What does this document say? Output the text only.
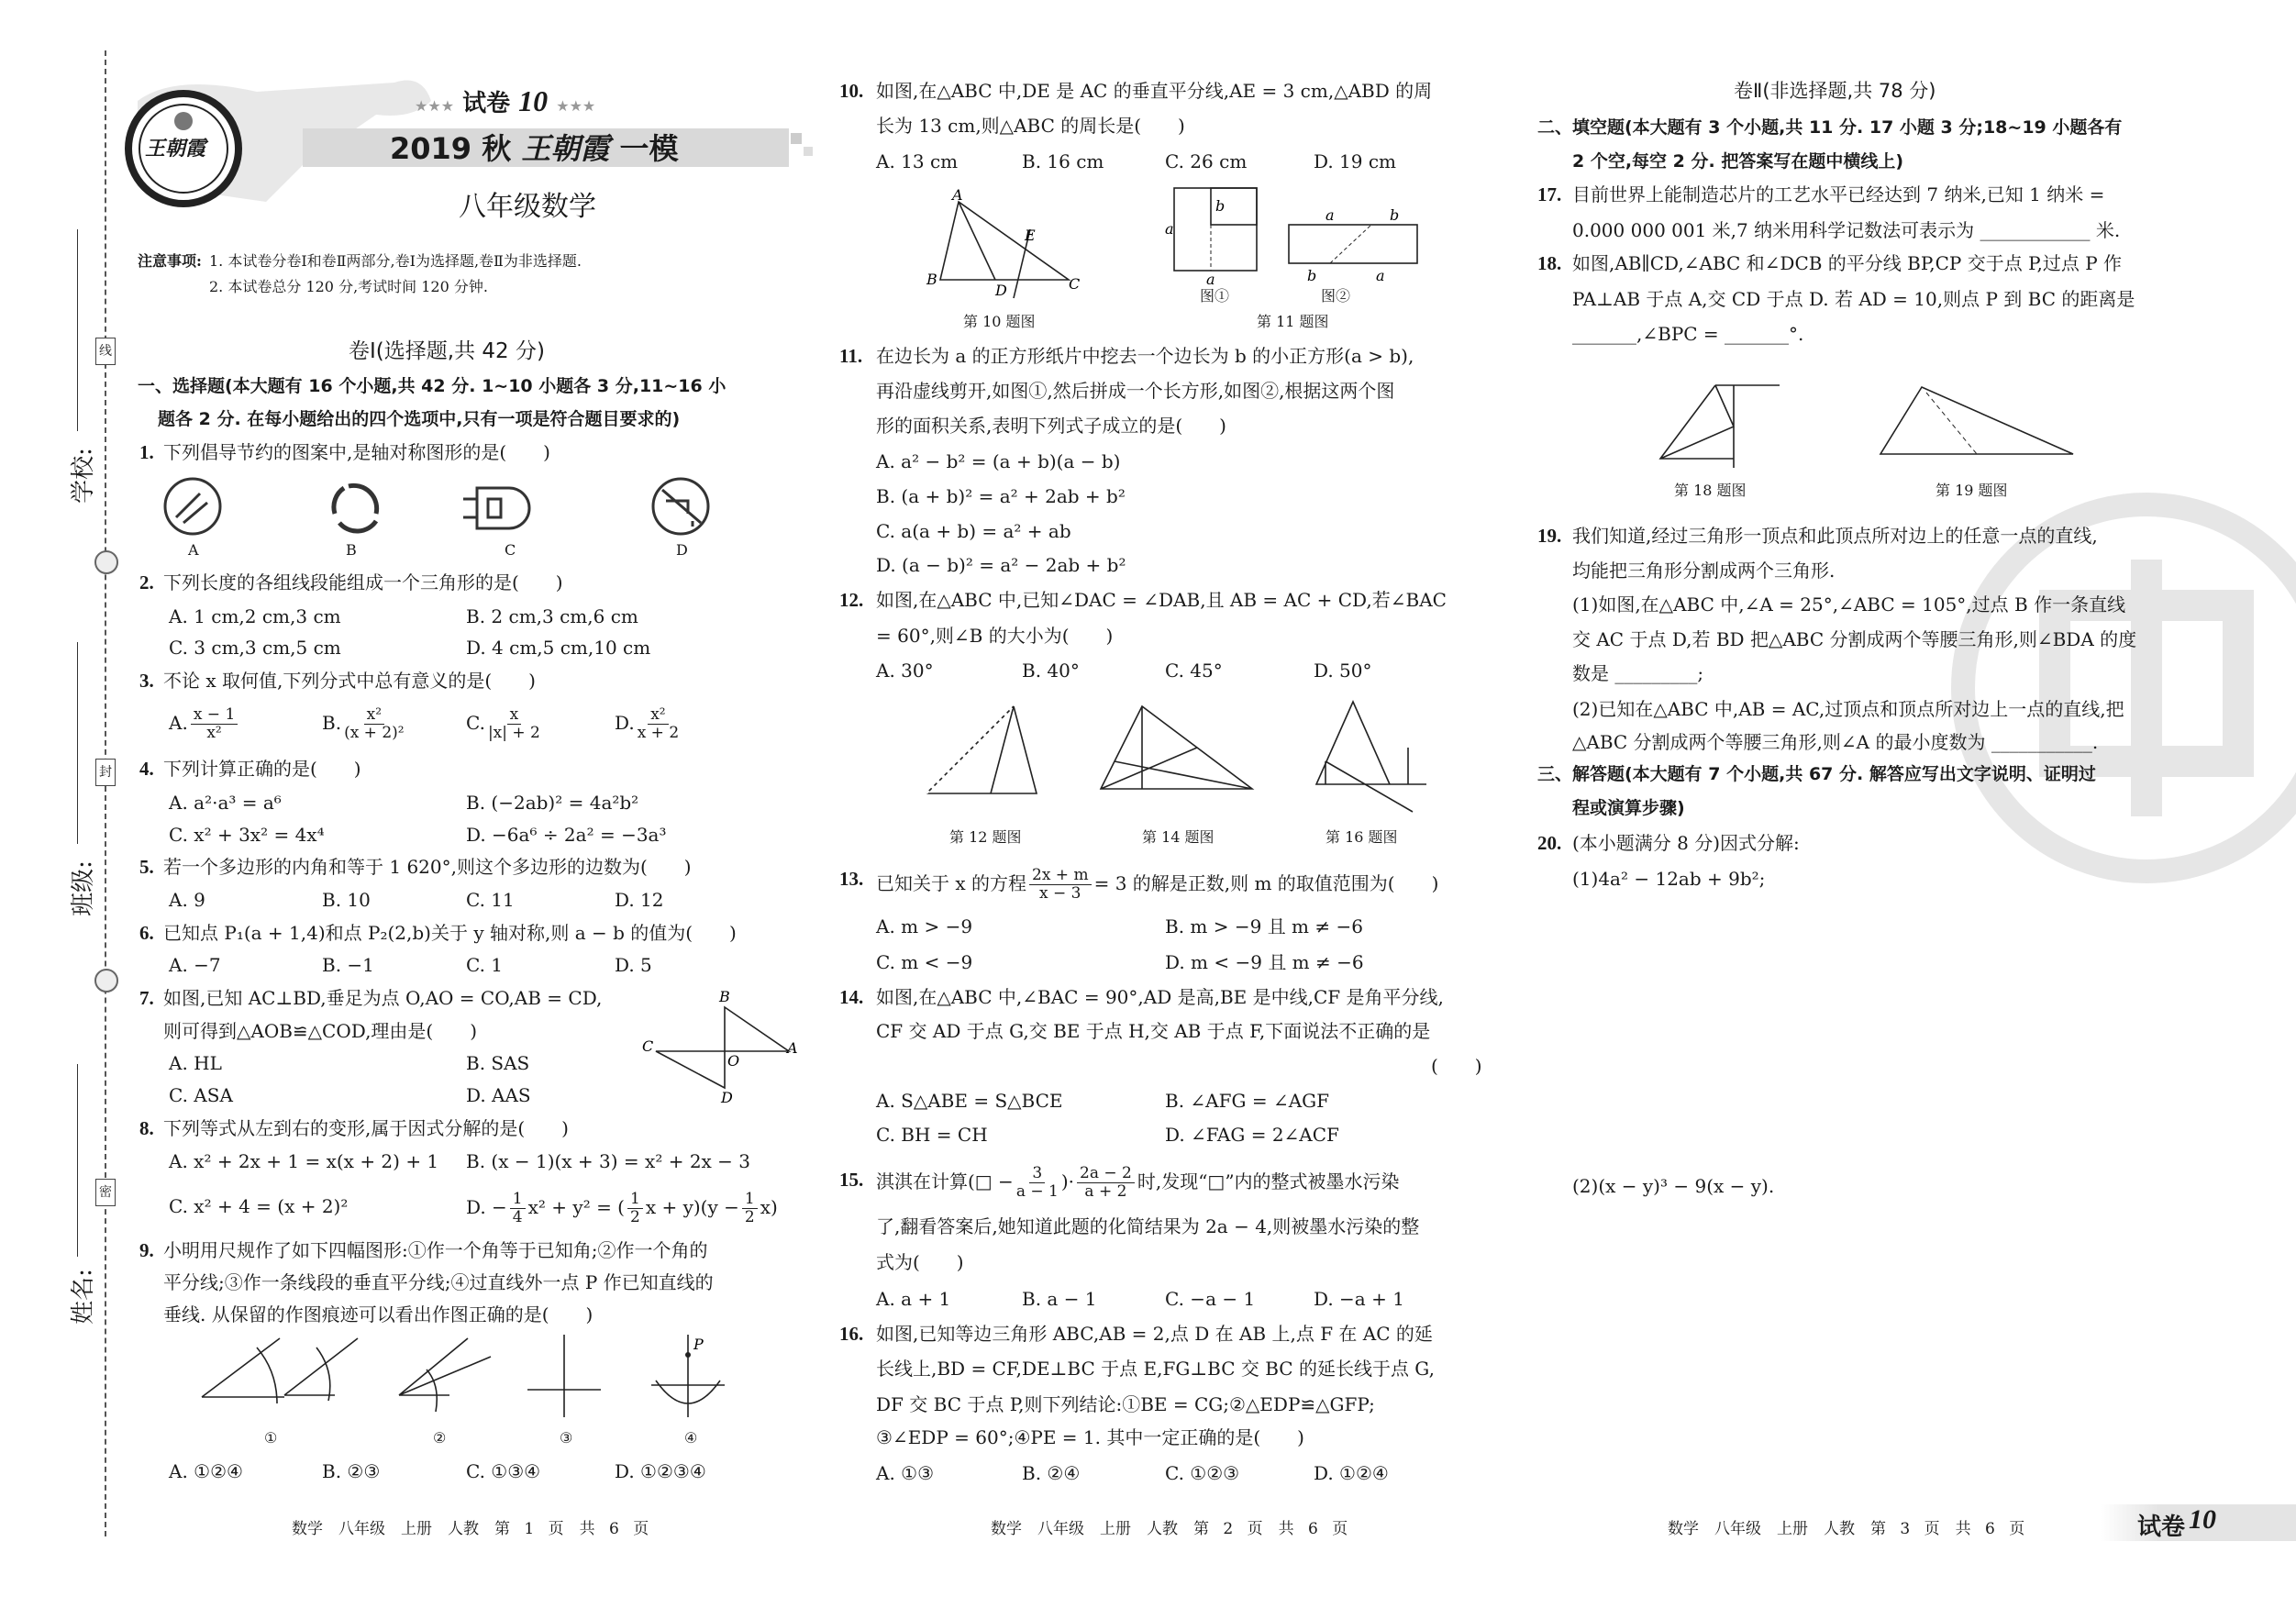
线
封
密
学校:
班级:
姓名:
王朝霞
★★★ 试卷 10 ★★★
2019 秋 王朝霞 一模
八年级数学
注意事项: 1. 本试卷分卷Ⅰ和卷Ⅱ两部分,卷Ⅰ为选择题,卷Ⅱ为非选择题.
2. 本试卷总分 120 分,考试时间 120 分钟.
卷Ⅰ(选择题,共 42 分)
一、选择题(本大题有 16 个小题,共 42 分. 1~10 小题各 3 分,11~16 小
题各 2 分. 在每小题给出的四个选项中,只有一项是符合题目要求的)
1. 下列倡导节约的图案中,是轴对称图形的是(　　)
A	B	C	D
2. 下列长度的各组线段能组成一个三角形的是(　　)
A. 1 cm,2 cm,3 cm	B. 2 cm,3 cm,6 cm
C. 3 cm,3 cm,5 cm	D. 4 cm,5 cm,10 cm
3. 不论 x 取何值,下列分式中总有意义的是(　　)
A. $\frac{x - 1}{\text{x²}}$	B. $\frac{\text{x²}}{\text{(x + 2)²}}$	C. $\frac{x}{|x| + 2}$	D. $\frac{\text{x²}}{x + 2}$
4. 下列计算正确的是(　　)
A. a²·a³ = a⁶	B. (−2ab)² = 4a²b²
C. x² + 3x² = 4x⁴	D. −6a⁶ ÷ 2a² = −3a³
5. 若一个多边形的内角和等于 1 620°,则这个多边形的边数为(　　)
A. 9	B. 10	C. 11	D. 12
6. 已知点 P₁(a + 1,4)和点 P₂(2,b)关于 y 轴对称,则 a − b 的值为(　　)
A. −7	B. −1	C. 1	D. 5
7. 如图,已知 AC⊥BD,垂足为点 O,AO = CO,AB = CD,
则可得到△AOB≌△COD,理由是(　　)
A. HL	B. SAS
C. ASA	D. AAS
B
C
O
A
D
8. 下列等式从左到右的变形,属于因式分解的是(　　)
A. x² + 2x + 1 = x(x + 2) + 1 B. (x − 1)(x + 3) = x² + 2x − 3
C. x² + 4 = (x + 2)²	D. − $\frac{1}{4} x^2 + y^2$ = ( $\frac{1}{2}$ $x + y)(y - \frac{1}{2} x)$
9. 小明用尺规作了如下四幅图形:①作一个角等于已知角;②作一个角的
平分线;③作一条线段的垂直平分线;④过直线外一点 P 作已知直线的
垂线. 从保留的作图痕迹可以看出作图正确的是(　　)
P
①	②	③	④
A. ①②④	B. ②③	C. ①③④	D. ①②③④
数学　八年级　上册　人教　第 1 页　共 6 页
10. 如图,在△ABC 中,DE 是 AC 的垂直平分线,AE = 3 cm,△ABD 的周
长为 13 cm,则△ABC 的周长是(　　)
A. 13 cm	B. 16 cm	C. 26 cm	D. 19 cm
A
B	C
D
E
第 10 题图
a
b
a
a	b
b	a
图①	图②
第 11 题图
11. 在边长为 a 的正方形纸片中挖去一个边长为 b 的小正方形(a > b),
再沿虚线剪开,如图①,然后拼成一个长方形,如图②,根据这两个图
形的面积关系,表明下列式子成立的是(　　)
A. a² − b² = (a + b)(a − b)
B. (a + b)² = a² + 2ab + b²
C. a(a + b) = a² + ab
D. (a − b)² = a² − 2ab + b²
12. 如图,在△ABC 中,已知∠DAC = ∠DAB,且 AB = AC + CD,若∠BAC
= 60°,则∠B 的大小为(　　)
A. 30°	B. 40°	C. 45°	D. 50°
第 12 题图	第 14 题图	第 16 题图
13. 已知关于 x 的方程 $\frac{2x + m}{x - 3} = 3$ 的解是正数,则 m 的取值范围为(　　)
A. m > −9	B. m > −9 且 m ≠ −6
C. m < −9	D. m < −9 且 m ≠ −6
14. 如图,在△ABC 中,∠BAC = 90°,AD 是高,BE 是中线,CF 是角平分线,
CF 交 AD 于点 G,交 BE 于点 H,交 AB 于点 F,下面说法不正确的是
(　　)
A. S△ABE = S△BCE	B. ∠AFG = ∠AGF
C. BH = CH	D. ∠FAG = 2∠ACF
15. 淇淇在计算(□ − $\frac{3}{a - 1}$ )· $\frac{2a - 2}{a + 2}$ 时,发现“□”内的整式被墨水污染
了,翻看答案后,她知道此题的化简结果为 2a − 4,则被墨水污染的整
式为(　　)
A. a + 1	B. a − 1	C. −a − 1	D. −a + 1
16. 如图,已知等边三角形 ABC,AB = 2,点 D 在 AB 上,点 F 在 AC 的延
长线上,BD = CF,DE⊥BC 于点 E,FG⊥BC 交 BC 的延长线于点 G,
DF 交 BC 于点 P,则下列结论:①BE = CG;②△EDP≌△GFP;
③∠EDP = 60°;④PE = 1. 其中一定正确的是(　　)
A. ①③	B. ②④	C. ①②③	D. ①②④
数学　八年级　上册　人教　第 2 页　共 6 页
卷Ⅱ(非选择题,共 78 分)
二、填空题(本大题有 3 个小题,共 11 分. 17 小题 3 分;18~19 小题各有
2 个空,每空 2 分. 把答案写在题中横线上)
17. 目前世界上能制造芯片的工艺水平已经达到 7 纳米,已知 1 纳米 =
0.000 000 001 米,7 纳米用科学记数法可表示为 ____________ 米.
18. 如图,AB∥CD,∠ABC 和∠DCB 的平分线 BP,CP 交于点 P,过点 P 作
PA⊥AB 于点 A,交 CD 于点 D. 若 AD = 10,则点 P 到 BC 的距离是
_______,∠BPC = _______°.
第 18 题图	第 19 题图
19. 我们知道,经过三角形一顶点和此顶点所对边上的任意一点的直线,
均能把三角形分割成两个三角形.
(1)如图,在△ABC 中,∠A = 25°,∠ABC = 105°,过点 B 作一条直线
交 AC 于点 D,若 BD 把△ABC 分割成两个等腰三角形,则∠BDA 的度
数是 _________;
(2)已知在△ABC 中,AB = AC,过顶点和顶点所对边上一点的直线,把
△ABC 分割成两个等腰三角形,则∠A 的最小度数为 ___________.
三、解答题(本大题有 7 个小题,共 67 分. 解答应写出文字说明、证明过
程或演算步骤)
20. (本小题满分 8 分)因式分解:
(1)4a² − 12ab + 9b²;
(2)(x − y)³ − 9(x − y).
数学　八年级　上册　人教　第 3 页　共 6 页	试卷 10
